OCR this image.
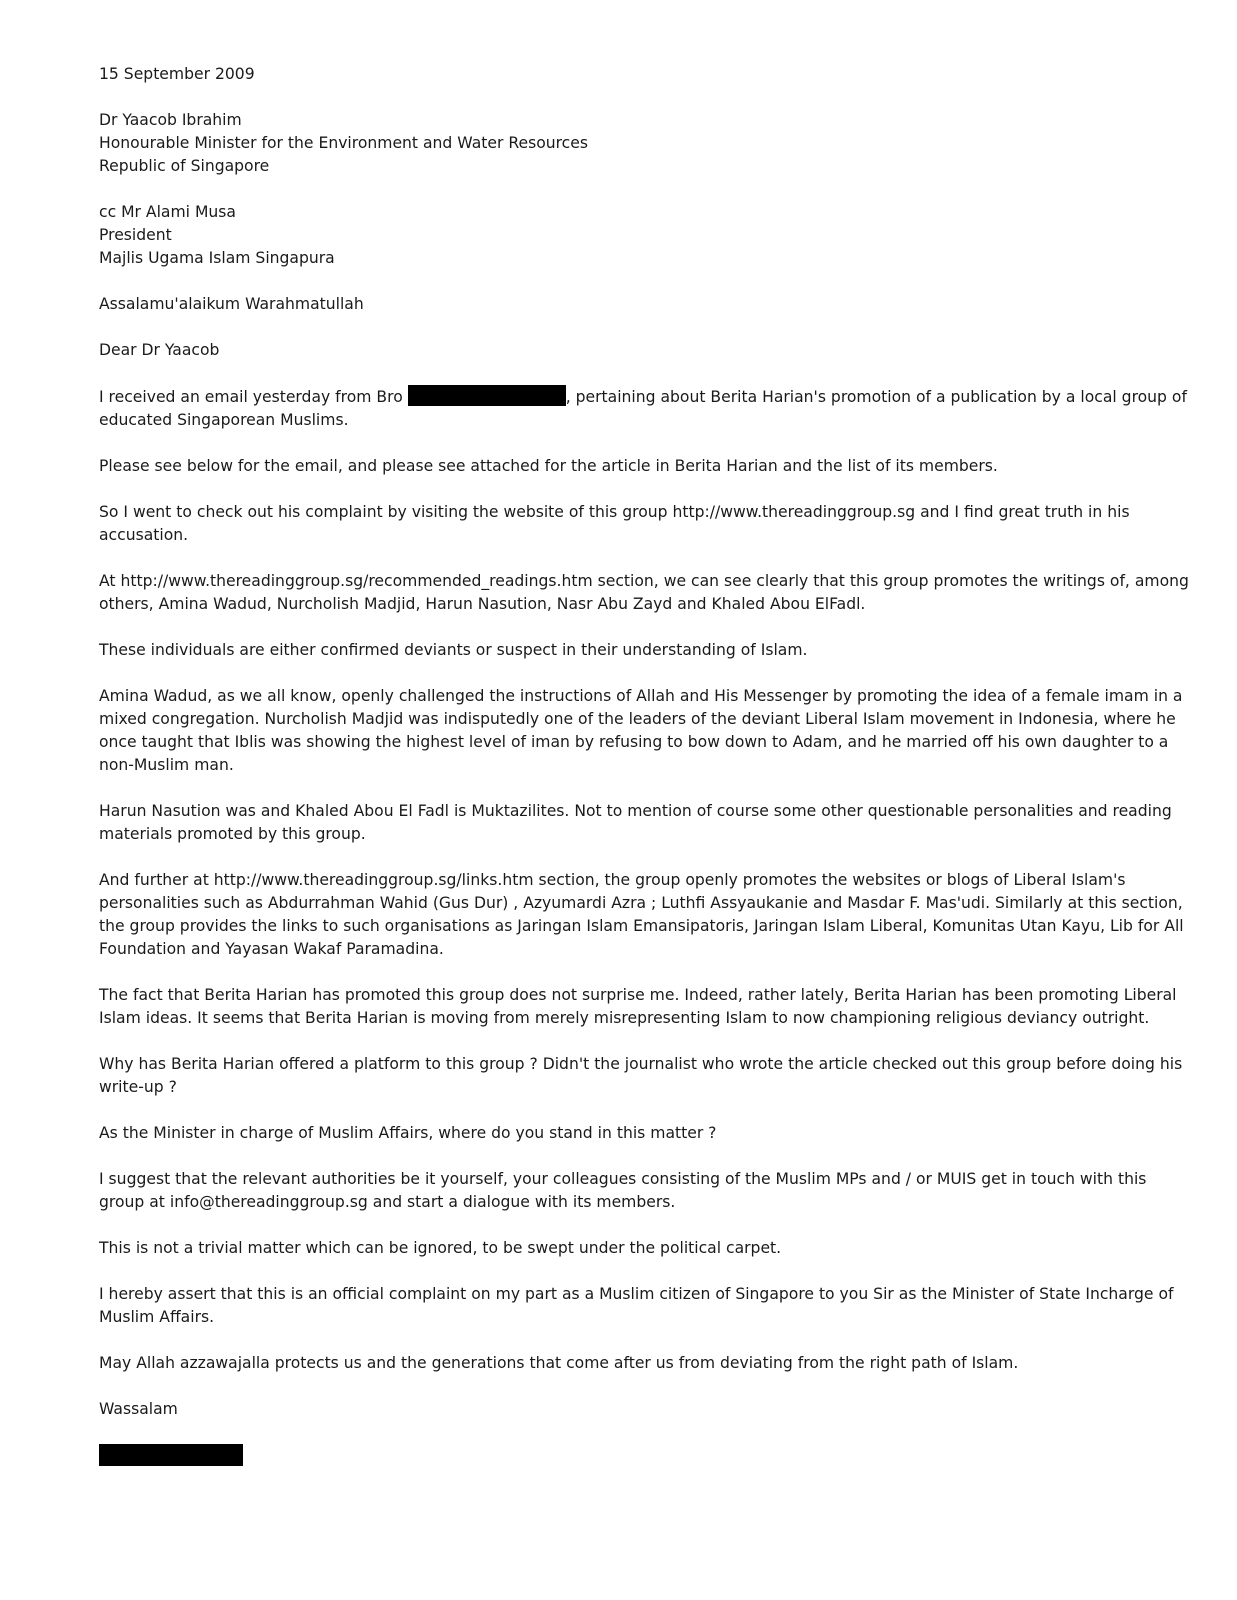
15 September 2009
Dr Yaacob Ibrahim
Honourable Minister for the Environment and Water Resources
Republic of Singapore
cc Mr Alami Musa
President
Majlis Ugama Islam Singapura
Assalamu'alaikum Warahmatullah
Dear Dr Yaacob

I received an email yesterday from Bro	, pertaining about Berita Harian's promotion of a publication by a local group of educated Singaporean Muslims.

Please see below for the email, and please see attached for the article in Berita Harian and the list of its members.

So I went to check out his complaint by visiting the website of this group http://www.thereadinggroup.sg and I find great truth in his accusation.

At http://www.thereadinggroup.sg/recommended_readings.htm section, we can see clearly that this group promotes the writings of, among others, Amina Wadud, Nurcholish Madjid, Harun Nasution, Nasr Abu Zayd and Khaled Abou ElFadl.

These individuals are either confirmed deviants or suspect in their understanding of Islam.

Amina Wadud, as we all know, openly challenged the instructions of Allah and His Messenger by promoting the idea of a female imam in a mixed congregation. Nurcholish Madjid was indisputedly one of the leaders of the deviant Liberal Islam movement in Indonesia, where he once taught that Iblis was showing the highest level of iman by refusing to bow down to Adam, and he married off his own daughter to a non-Muslim man.

Harun Nasution was and Khaled Abou El Fadl is Muktazilites. Not to mention of course some other questionable personalities and reading materials promoted by this group.

And further at http://www.thereadinggroup.sg/links.htm section, the group openly promotes the websites or blogs of Liberal Islam's personalities such as Abdurrahman Wahid (Gus Dur) , Azyumardi Azra ; Luthfi Assyaukanie and Masdar F. Mas'udi. Similarly at this section, the group provides the links to such organisations as Jaringan Islam Emansipatoris, Jaringan Islam Liberal, Komunitas Utan Kayu, Lib for All Foundation and Yayasan Wakaf Paramadina.

The fact that Berita Harian has promoted this group does not surprise me. Indeed, rather lately, Berita Harian has been promoting Liberal Islam ideas. It seems that Berita Harian is moving from merely misrepresenting Islam to now championing religious deviancy outright.

Why has Berita Harian offered a platform to this group ? Didn't the journalist who wrote the article checked out this group before doing his write-up ?

As the Minister in charge of Muslim Affairs, where do you stand in this matter ?

I suggest that the relevant authorities be it yourself, your colleagues consisting of the Muslim MPs and / or MUIS get in touch with this group at info@thereadinggroup.sg and start a dialogue with its members.

This is not a trivial matter which can be ignored, to be swept under the political carpet.

I hereby assert that this is an official complaint on my part as a Muslim citizen of Singapore to you Sir as the Minister of State Incharge of Muslim Affairs.

May Allah azzawajalla protects us and the generations that come after us from deviating from the right path of Islam.

Wassalam
